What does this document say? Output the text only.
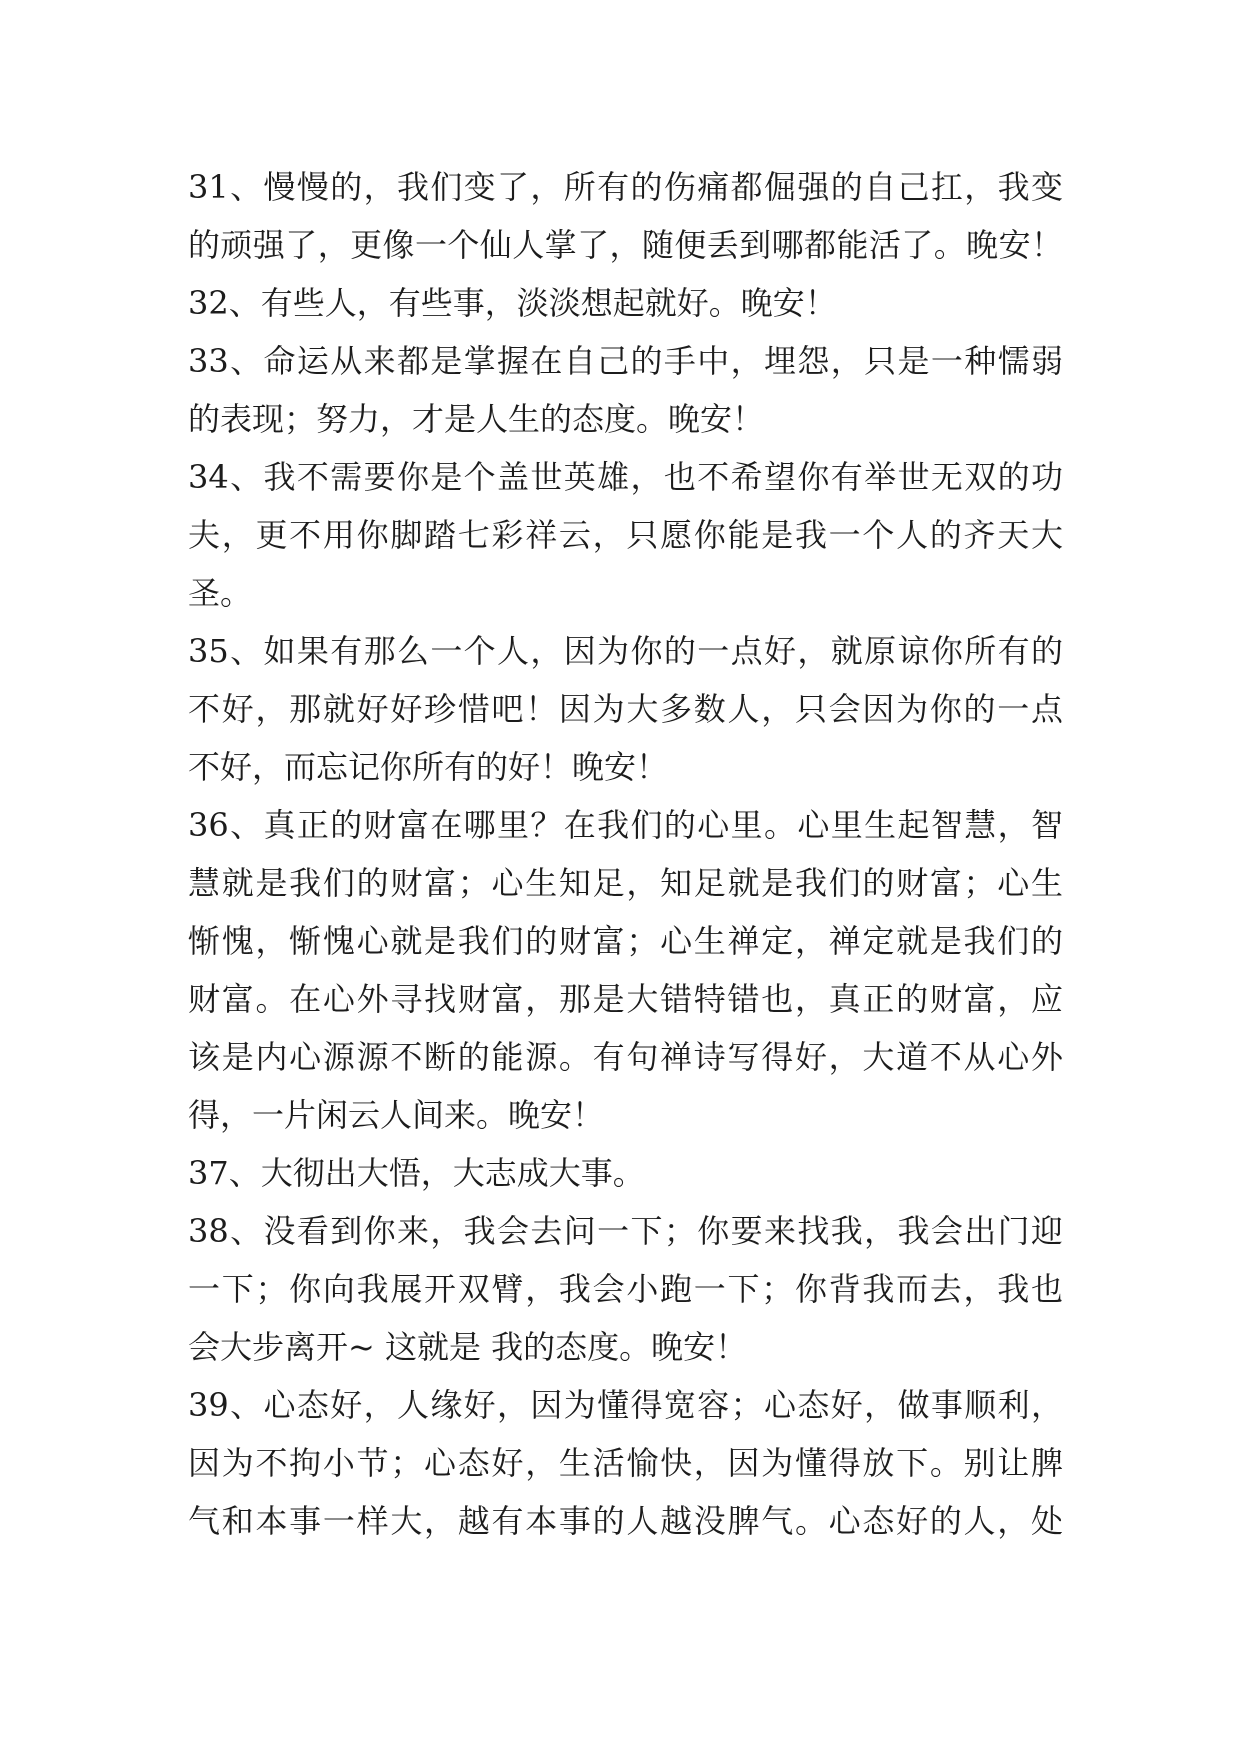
31、慢慢的，我们变了，所有的伤痛都倔强的自己扛，我变
的顽强了，更像一个仙人掌了，随便丢到哪都能活了。晚安！
32、有些人，有些事，淡淡想起就好。晚安！
33、命运从来都是掌握在自己的手中，埋怨，只是一种懦弱
的表现；努力，才是人生的态度。晚安！
34、我不需要你是个盖世英雄，也不希望你有举世无双的功
夫，更不用你脚踏七彩祥云，只愿你能是我一个人的齐天大
圣。
35、如果有那么一个人，因为你的一点好，就原谅你所有的
不好，那就好好珍惜吧！因为大多数人，只会因为你的一点
不好，而忘记你所有的好！晚安！
36、真正的财富在哪里？在我们的心里。心里生起智慧，智
慧就是我们的财富；心生知足，知足就是我们的财富；心生
惭愧，惭愧心就是我们的财富；心生禅定，禅定就是我们的
财富。在心外寻找财富，那是大错特错也，真正的财富，应
该是内心源源不断的能源。有句禅诗写得好，大道不从心外
得，一片闲云人间来。晚安！
37、大彻出大悟，大志成大事。
38、没看到你来，我会去问一下；你要来找我，我会出门迎
一下；你向我展开双臂，我会小跑一下；你背我而去，我也
会大步离开~ 这就是 我的态度。晚安！
39、心态好，人缘好，因为懂得宽容；心态好，做事顺利，
因为不拘小节；心态好，生活愉快，因为懂得放下。别让脾
气和本事一样大，越有本事的人越没脾气。心态好的人，处
